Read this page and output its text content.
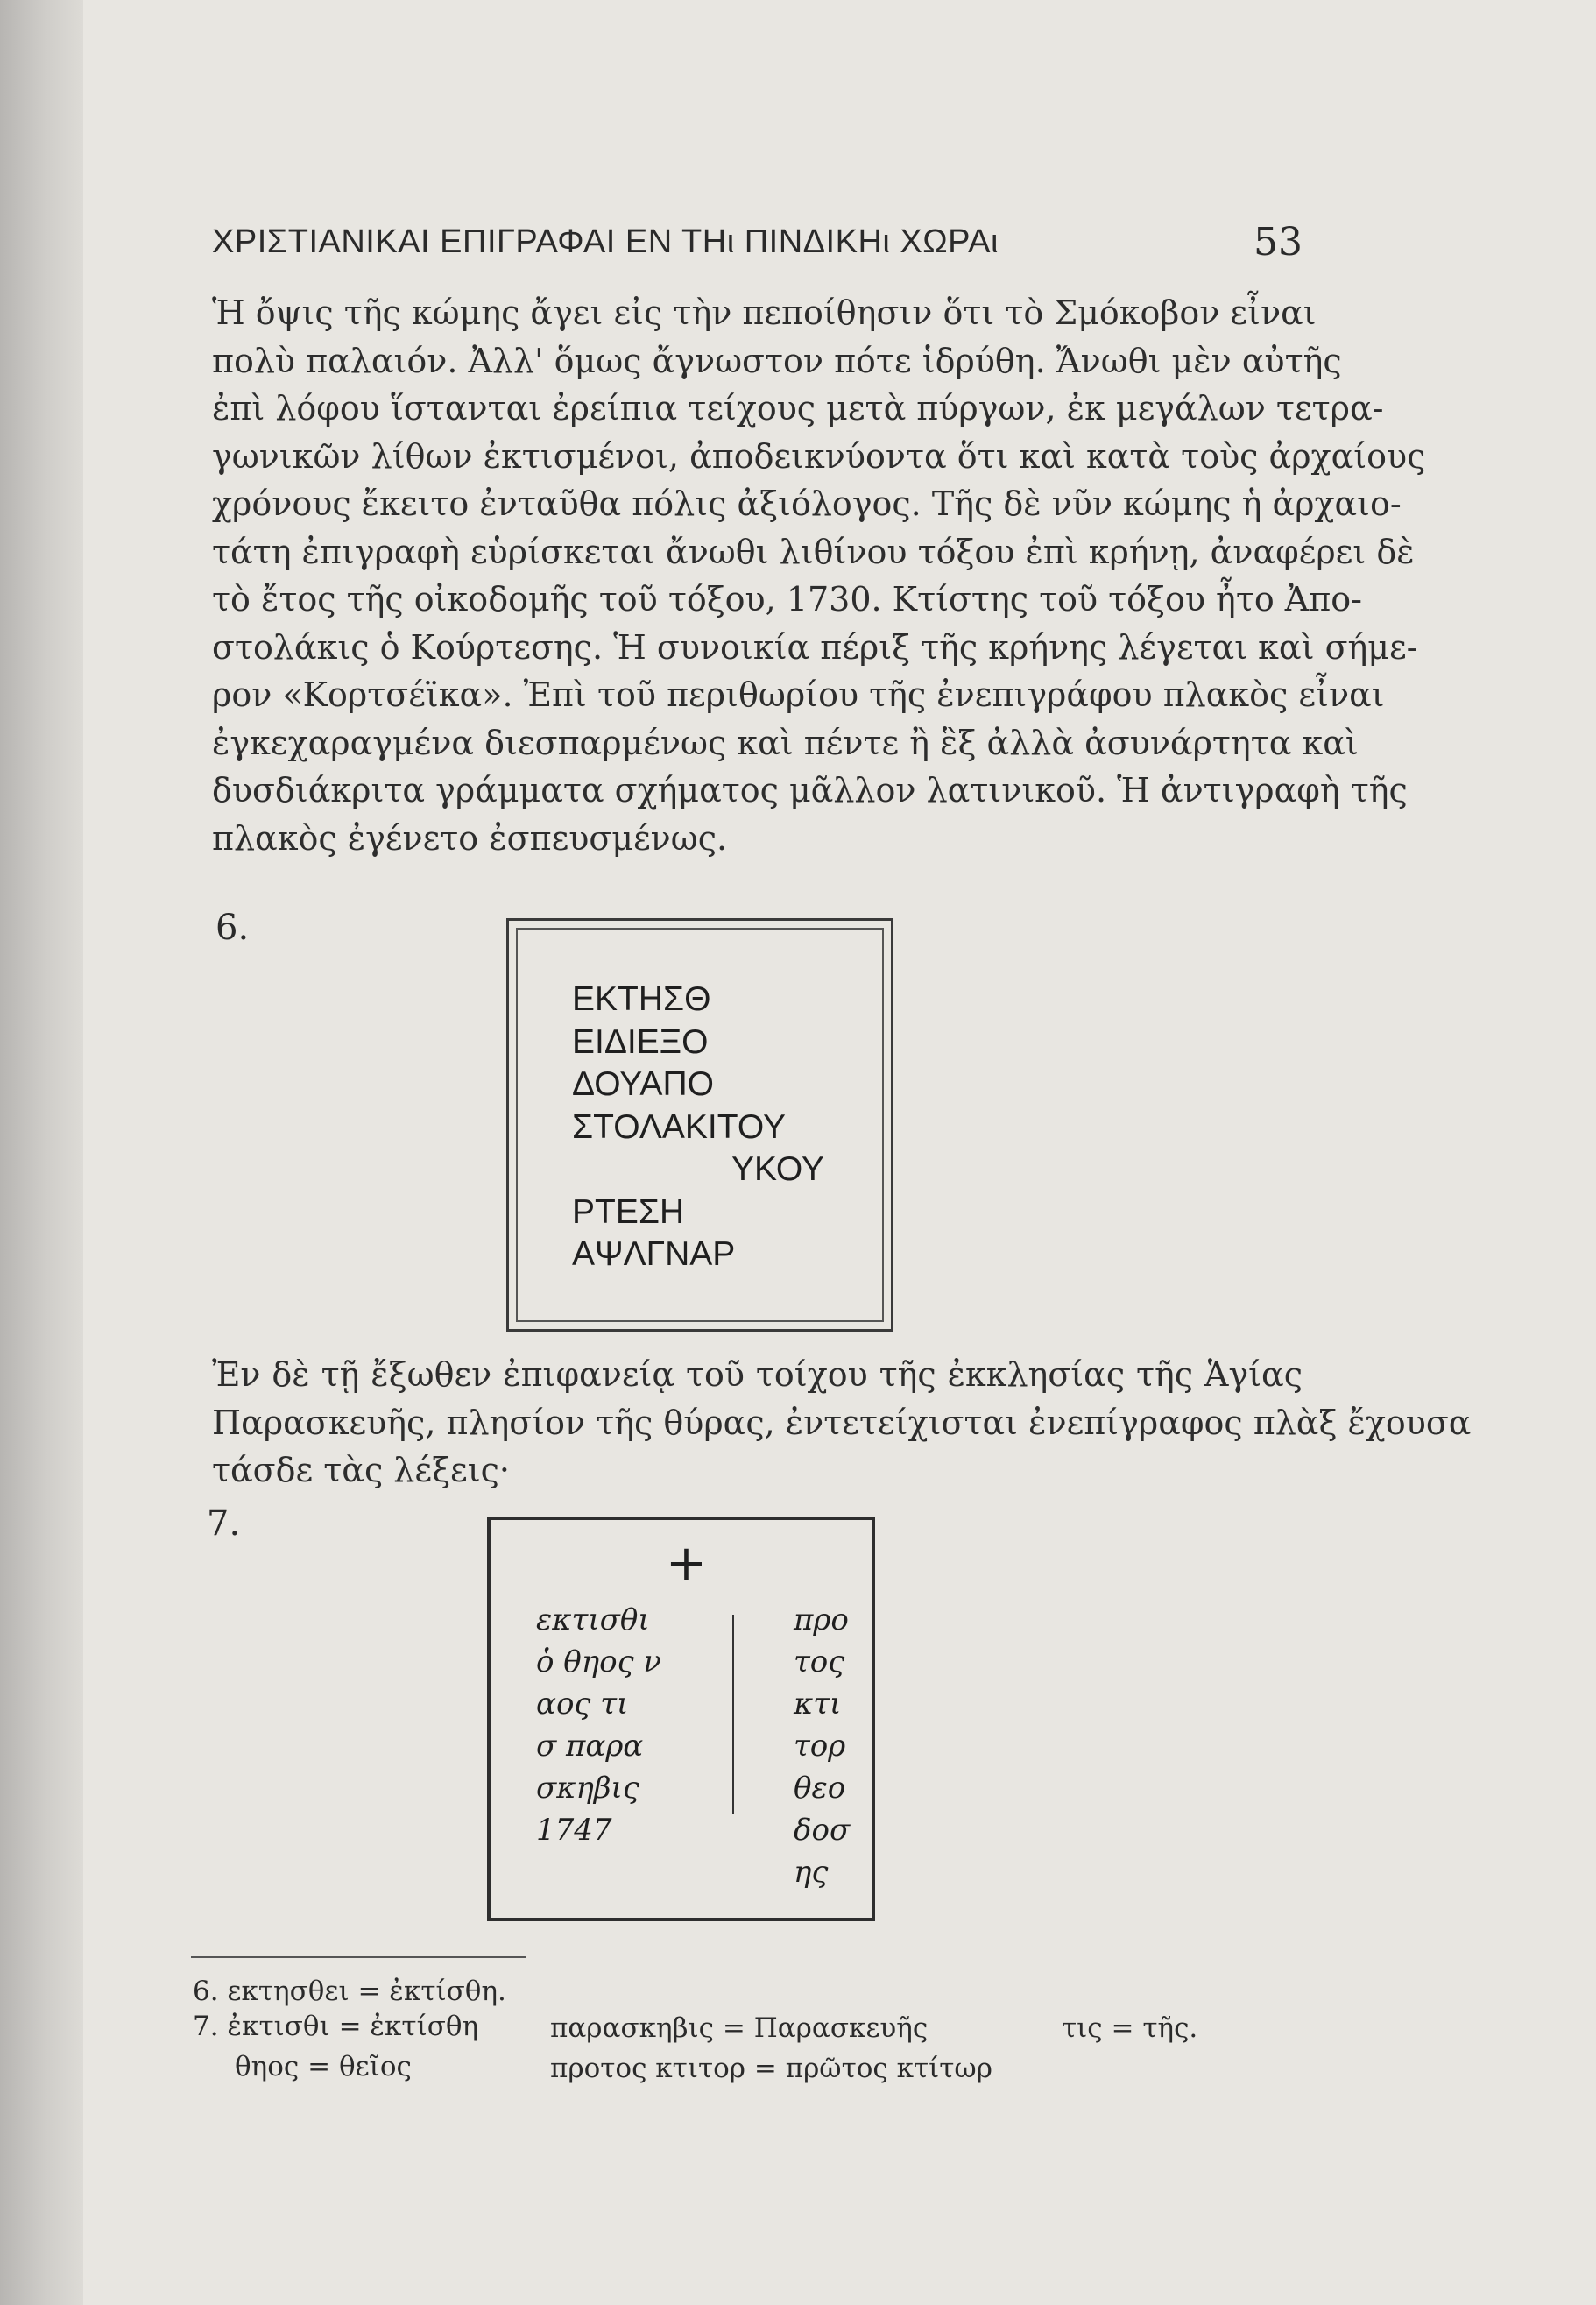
ΧΡΙΣΤΙΑΝΙΚΑΙ ΕΠΙΓΡΑΦΑΙ ΕΝ ΤΗι ΠΙΝΔΙΚΗι ΧΩΡΑι	53
Ἡ ὄψις τῆς κώμης ἄγει εἰς τὴν πεποίθησιν ὅτι τὸ Σμόκοβον εἶναι
πολὺ παλαιόν. Ἀλλ' ὅμως ἄγνωστον πότε ἱδρύθη. Ἄνωθι μὲν αὐτῆς
ἐπὶ λόφου ἵστανται ἐρείπια τείχους μετὰ πύργων, ἐκ μεγάλων τετρα-
γωνικῶν λίθων ἐκτισμένοι, ἀποδεικνύοντα ὅτι καὶ κατὰ τοὺς ἀρχαίους
χρόνους ἔκειτο ἐνταῦθα πόλις ἀξιόλογος. Τῆς δὲ νῦν κώμης ἡ ἀρχαιο-
τάτη ἐπιγραφὴ εὑρίσκεται ἄνωθι λιθίνου τόξου ἐπὶ κρήνῃ, ἀναφέρει δὲ
τὸ ἔτος τῆς οἰκοδομῆς τοῦ τόξου, 1730. Κτίστης τοῦ τόξου ἦτο Ἀπο-
στολάκις ὁ Κούρτεσης. Ἡ συνοικία πέριξ τῆς κρήνης λέγεται καὶ σήμε-
ρον «Κορτσέϊκα». Ἐπὶ τοῦ περιθωρίου τῆς ἐνεπιγράφου πλακὸς εἶναι
ἐγκεχαραγμένα διεσπαρμένως καὶ πέντε ἢ ἓξ ἀλλὰ ἀσυνάρτητα καὶ
δυσδιάκριτα γράμματα σχήματος μᾶλλον λατινικοῦ. Ἡ ἀντιγραφὴ τῆς
πλακὸς ἐγένετο ἐσπευσμένως.
6.
ΕΚΤΗΣΘ
ΕΙΔΙΕΞΟ
ΔΟΥΑΠΟ
ΣΤΟΛΑΚΙΤΟΥ
ΥΚΟΥ
ΡΤΕΣΗ
ΑΨΛΓΝΑΡ
Ἐν δὲ τῇ ἔξωθεν ἐπιφανείᾳ τοῦ τοίχου τῆς ἐκκλησίας τῆς Ἁγίας
Παρασκευῆς, πλησίον τῆς θύρας, ἐντετείχισται ἐνεπίγραφος πλὰξ ἔχουσα
τάσδε τὰς λέξεις·
7.
+
εκτισθι
ὁ θηος ν
αος τι
σ παρα
σκηβις
1747
προ
τος
κτι
τορ
θεο
δοσ
ης
6. εκτησθει = ἐκτίσθη.
7. ἐκτισθι = ἐκτίσθη	παρασκηβις = Παρασκευῆς	τις = τῆς.
θηος = θεῖος	προτος κτιτορ = πρῶτος κτίτωρ
